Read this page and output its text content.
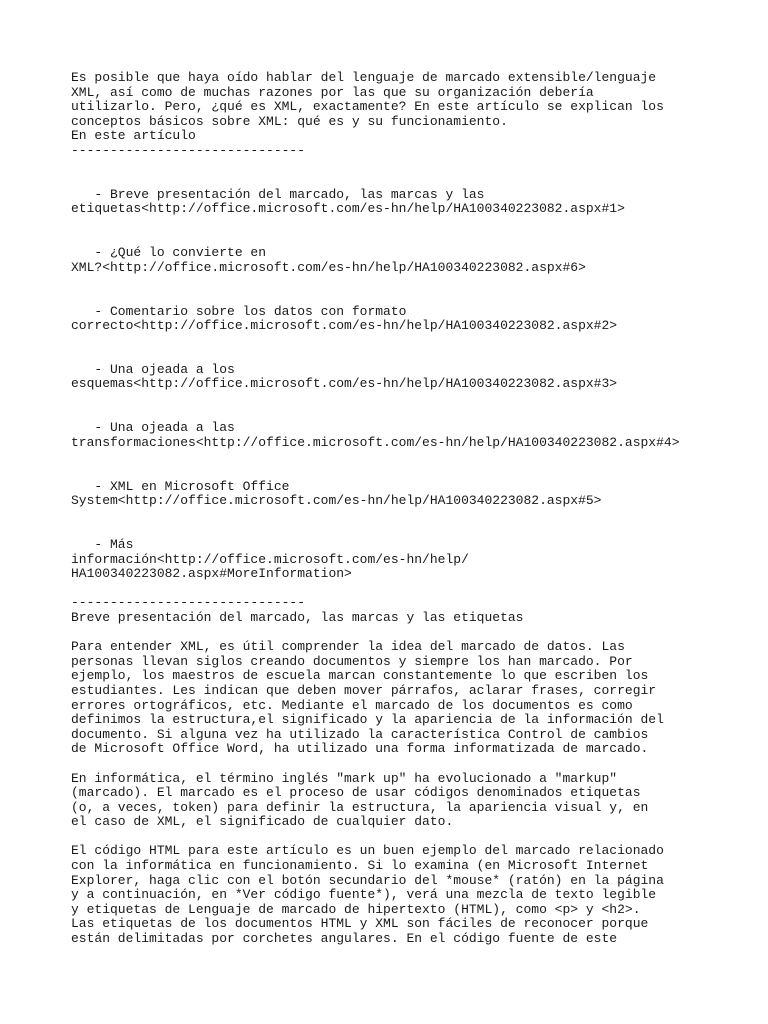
Es posible que haya oído hablar del lenguaje de marcado extensible/lenguaje
XML, así como de muchas razones por las que su organización debería
utilizarlo. Pero, ¿qué es XML, exactamente? En este artículo se explican los
conceptos básicos sobre XML: qué es y su funcionamiento.
En este artículo
------------------------------
- Breve presentación del marcado, las marcas y las
etiquetas<http://office.microsoft.com/es-hn/help/HA100340223082.aspx#1>
- ¿Qué lo convierte en
XML?<http://office.microsoft.com/es-hn/help/HA100340223082.aspx#6>
- Comentario sobre los datos con formato
correcto<http://office.microsoft.com/es-hn/help/HA100340223082.aspx#2>
- Una ojeada a los
esquemas<http://office.microsoft.com/es-hn/help/HA100340223082.aspx#3>
- Una ojeada a las
transformaciones<http://office.microsoft.com/es-hn/help/HA100340223082.aspx#4>
- XML en Microsoft Office
System<http://office.microsoft.com/es-hn/help/HA100340223082.aspx#5>
- Más
información<http://office.microsoft.com/es-hn/help/
HA100340223082.aspx#MoreInformation>
------------------------------
Breve presentación del marcado, las marcas y las etiquetas
Para entender XML, es útil comprender la idea del marcado de datos. Las
personas llevan siglos creando documentos y siempre los han marcado. Por
ejemplo, los maestros de escuela marcan constantemente lo que escriben los
estudiantes. Les indican que deben mover párrafos, aclarar frases, corregir
errores ortográficos, etc. Mediante el marcado de los documentos es como
definimos la estructura,el significado y la apariencia de la información del
documento. Si alguna vez ha utilizado la característica Control de cambios
de Microsoft Office Word, ha utilizado una forma informatizada de marcado.
En informática, el término inglés "mark up" ha evolucionado a "markup"
(marcado). El marcado es el proceso de usar códigos denominados etiquetas
(o, a veces, token) para definir la estructura, la apariencia visual y, en
el caso de XML, el significado de cualquier dato.
El código HTML para este artículo es un buen ejemplo del marcado relacionado
con la informática en funcionamiento. Si lo examina (en Microsoft Internet
Explorer, haga clic con el botón secundario del *mouse* (ratón) en la página
y a continuación, en *Ver código fuente*), verá una mezcla de texto legible
y etiquetas de Lenguaje de marcado de hipertexto (HTML), como <p> y <h2>.
Las etiquetas de los documentos HTML y XML son fáciles de reconocer porque
están delimitadas por corchetes angulares. En el código fuente de este
